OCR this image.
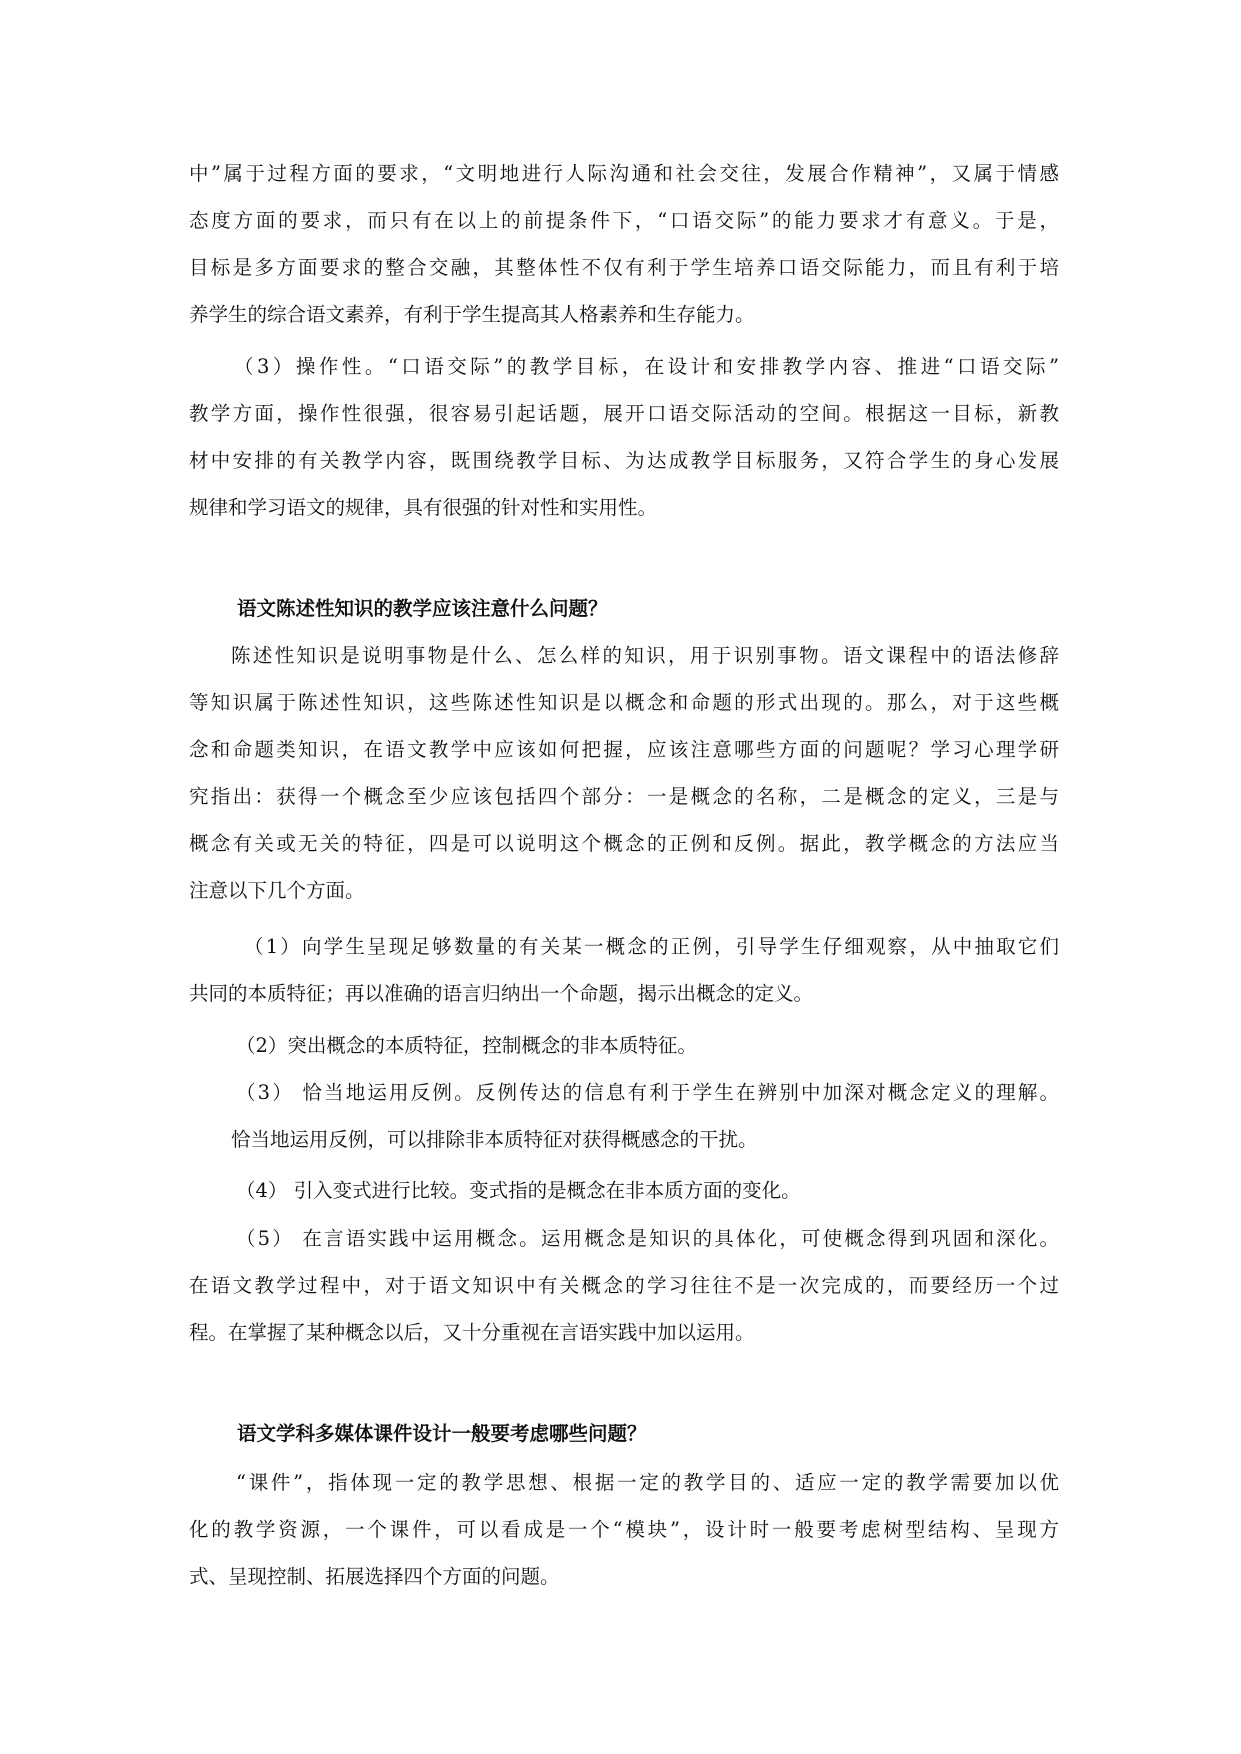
中”属于过程方面的要求，“文明地进行人际沟通和社会交往，发展合作精神”，又属于情感
态度方面的要求，而只有在以上的前提条件下，“口语交际”的能力要求才有意义。于是，
目标是多方面要求的整合交融，其整体性不仅有利于学生培养口语交际能力，而且有利于培
养学生的综合语文素养，有利于学生提高其人格素养和生存能力。
（3）操作性。“口语交际”的教学目标，在设计和安排教学内容、推进“口语交际”
教学方面，操作性很强，很容易引起话题，展开口语交际活动的空间。根据这一目标，新教
材中安排的有关教学内容，既围绕教学目标、为达成教学目标服务，又符合学生的身心发展
规律和学习语文的规律，具有很强的针对性和实用性。
语文陈述性知识的教学应该注意什么问题？
陈述性知识是说明事物是什么、怎么样的知识，用于识别事物。语文课程中的语法修辞
等知识属于陈述性知识，这些陈述性知识是以概念和命题的形式出现的。那么，对于这些概
念和命题类知识，在语文教学中应该如何把握，应该注意哪些方面的问题呢？学习心理学研
究指出：获得一个概念至少应该包括四个部分：一是概念的名称，二是概念的定义，三是与
概念有关或无关的特征，四是可以说明这个概念的正例和反例。据此，教学概念的方法应当
注意以下几个方面。
（1）向学生呈现足够数量的有关某一概念的正例，引导学生仔细观察，从中抽取它们
共同的本质特征；再以准确的语言归纳出一个命题，揭示出概念的定义。
（2）突出概念的本质特征，控制概念的非本质特征。
（3） 恰当地运用反例。反例传达的信息有利于学生在辨别中加深对概念定义的理解。
恰当地运用反例，可以排除非本质特征对获得概感念的干扰。
（4） 引入变式进行比较。变式指的是概念在非本质方面的变化。
（5） 在言语实践中运用概念。运用概念是知识的具体化，可使概念得到巩固和深化。
在语文教学过程中，对于语文知识中有关概念的学习往往不是一次完成的，而要经历一个过
程。在掌握了某种概念以后，又十分重视在言语实践中加以运用。
语文学科多媒体课件设计一般要考虑哪些问题？
“课件”，指体现一定的教学思想、根据一定的教学目的、适应一定的教学需要加以优
化的教学资源，一个课件，可以看成是一个“模块”，设计时一般要考虑树型结构、呈现方
式、呈现控制、拓展选择四个方面的问题。
